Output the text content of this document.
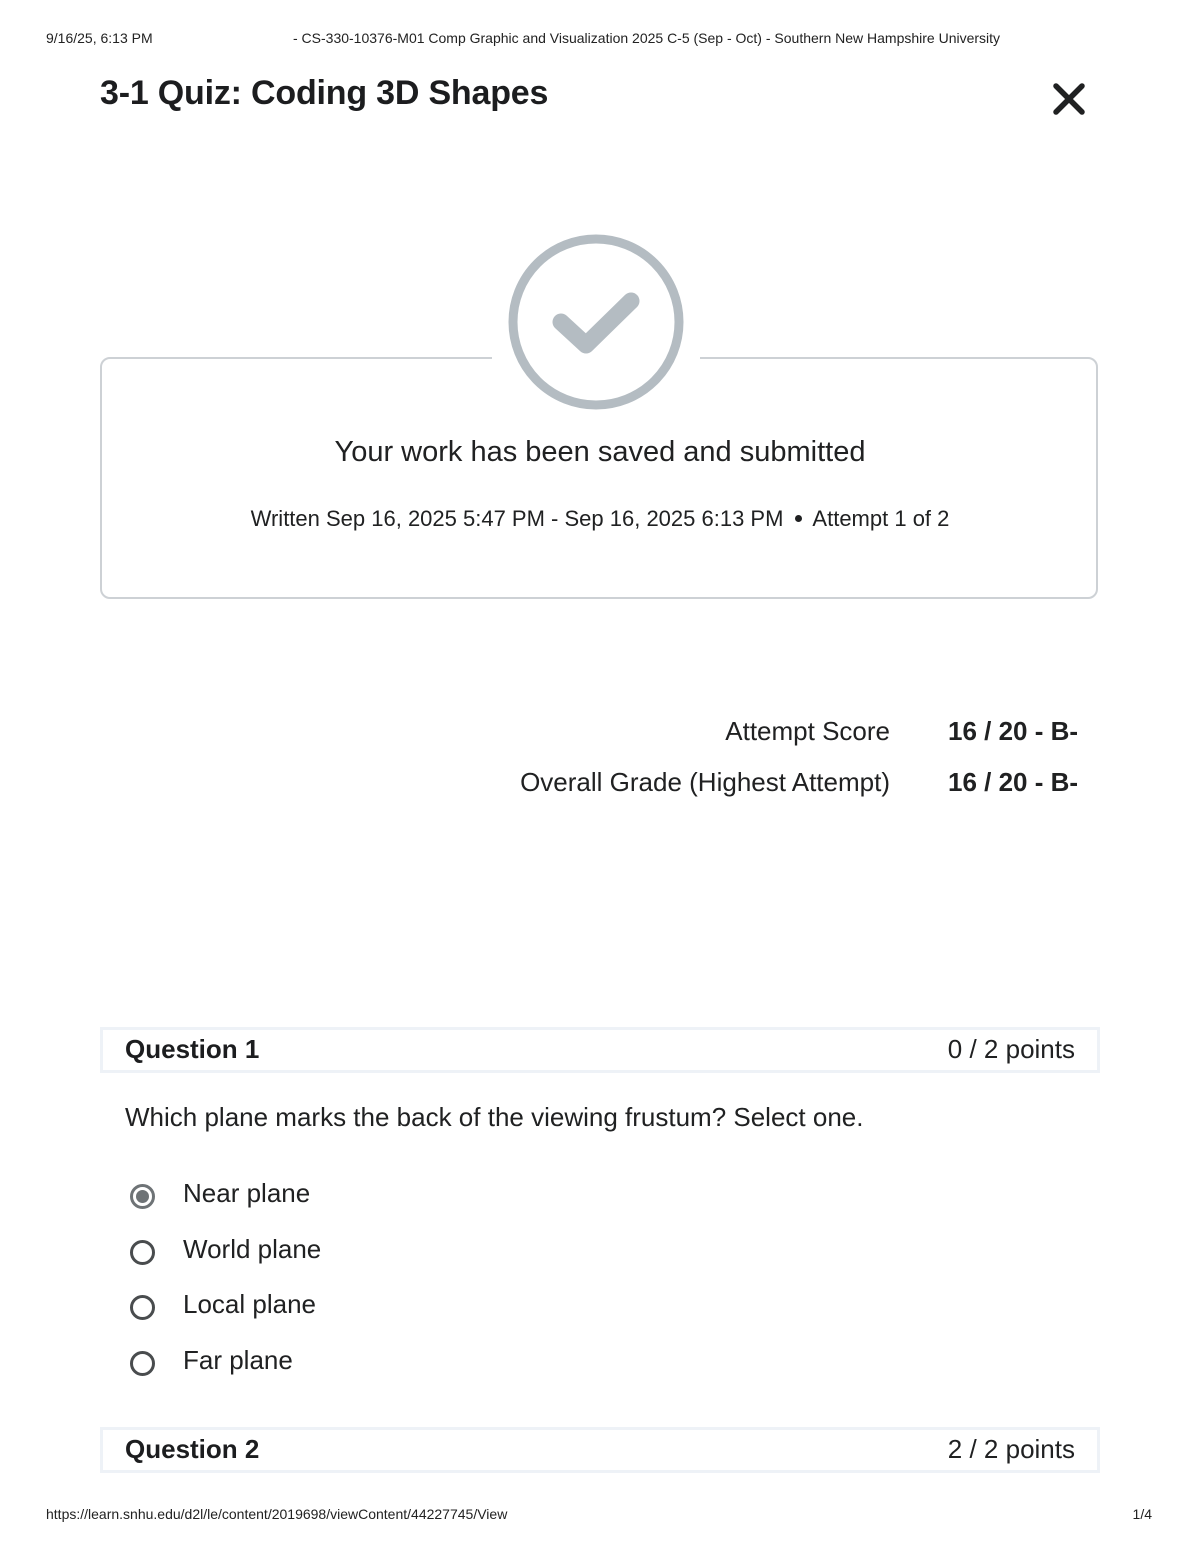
9/16/25, 6:13 PM	- CS-330-10376-M01 Comp Graphic and Visualization 2025 C-5 (Sep - Oct) - Southern New Hampshire University
3-1 Quiz: Coding 3D Shapes
Your work has been saved and submitted
Written Sep 16, 2025 5:47 PM - Sep 16, 2025 6:13 PM Attempt 1 of 2
Attempt Score 16 / 20 - B-
Overall Grade (Highest Attempt) 16 / 20 - B-
Question 1	0 / 2 points
Which plane marks the back of the viewing frustum? Select one.
Near plane
World plane
Local plane
Far plane
Question 2	2 / 2 points
https://learn.snhu.edu/d2l/le/content/2019698/viewContent/44227745/View	1/4
